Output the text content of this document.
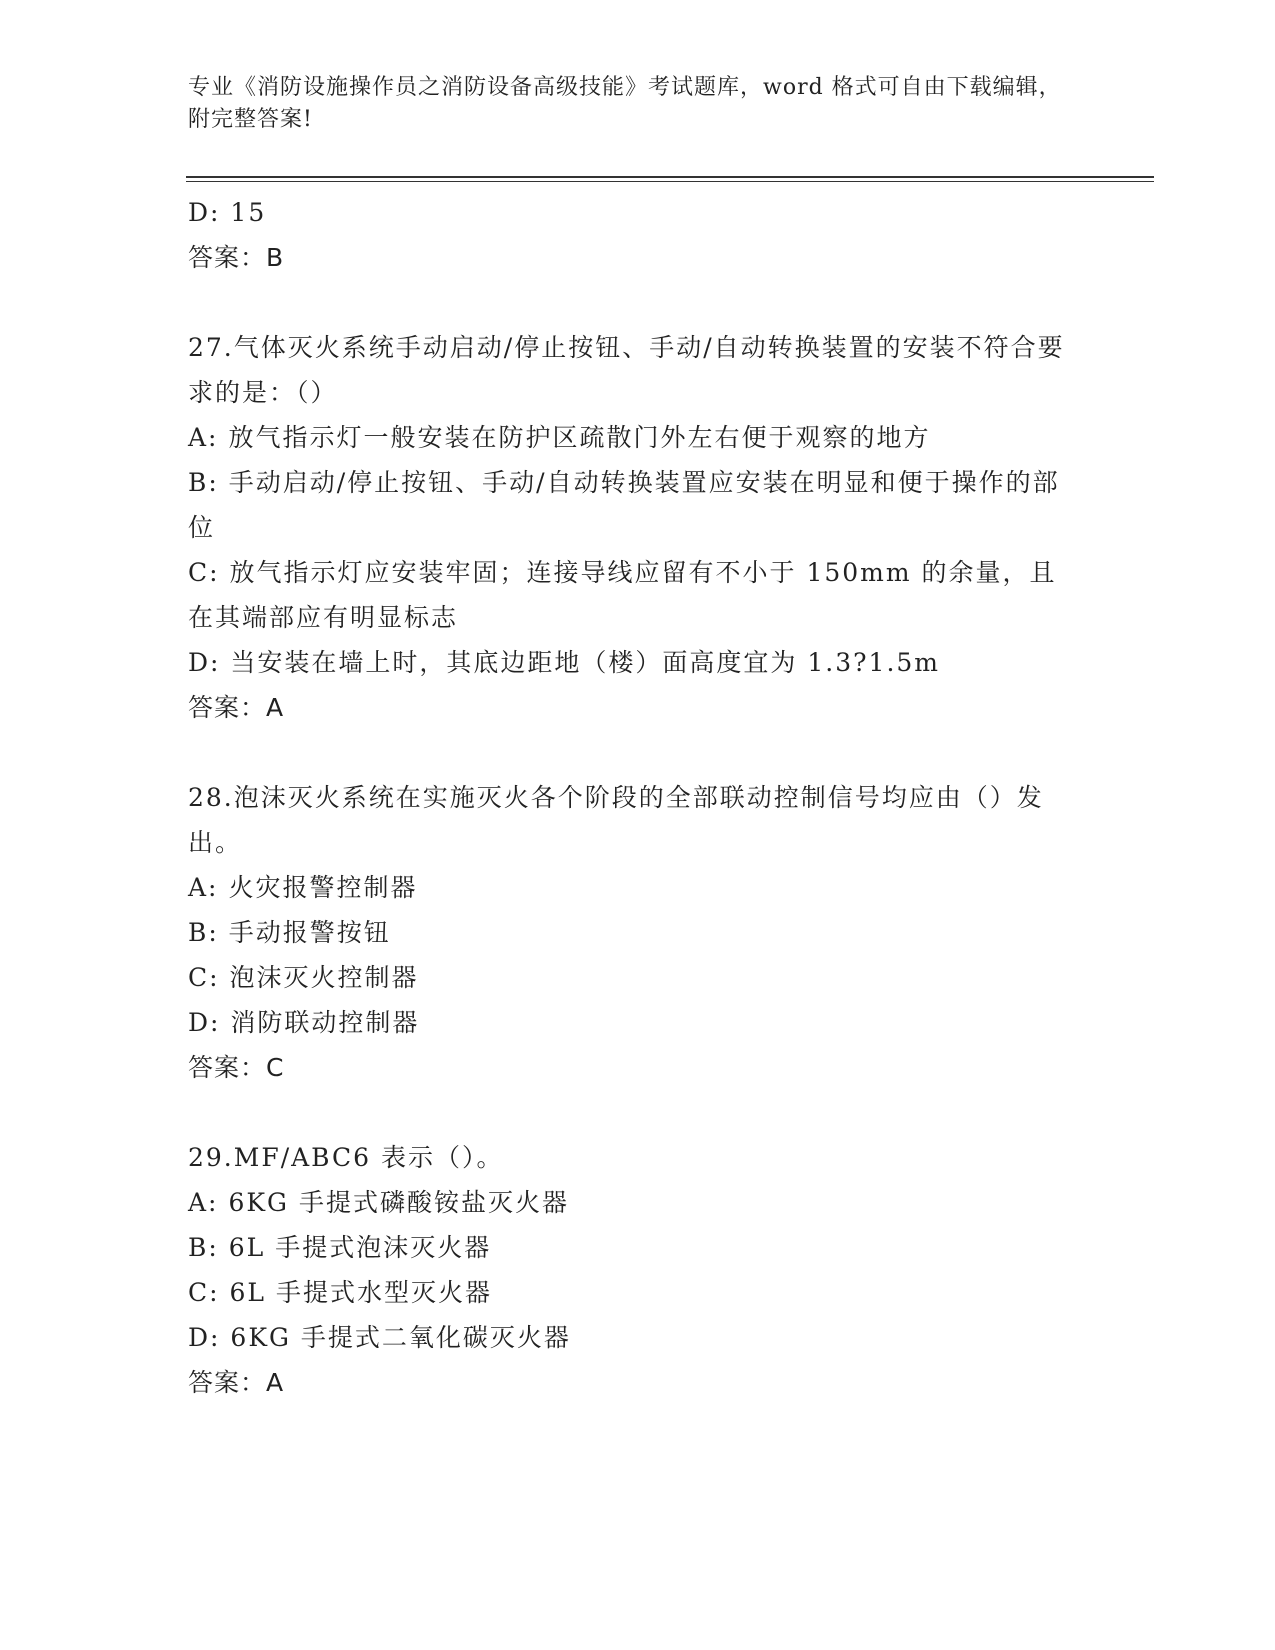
专业《消防设施操作员之消防设备高级技能》考试题库，word 格式可自由下载编辑，附完整答案!
D: 15
答案：B
27.气体灭火系统手动启动/停止按钮、手动/自动转换装置的安装不符合要求的是：（）
A: 放气指示灯一般安装在防护区疏散门外左右便于观察的地方
B: 手动启动/停止按钮、手动/自动转换装置应安装在明显和便于操作的部位
C: 放气指示灯应安装牢固；连接导线应留有不小于 150mm 的余量，且在其端部应有明显标志
D: 当安装在墙上时，其底边距地（楼）面高度宜为 1.3?1.5m
答案：A
28.泡沫灭火系统在实施灭火各个阶段的全部联动控制信号均应由（）发出。
A: 火灾报警控制器
B: 手动报警按钮
C: 泡沫灭火控制器
D: 消防联动控制器
答案：C
29.MF/ABC6 表示（）。
A: 6KG 手提式磷酸铵盐灭火器
B: 6L 手提式泡沫灭火器
C: 6L 手提式水型灭火器
D: 6KG 手提式二氧化碳灭火器
答案：A
